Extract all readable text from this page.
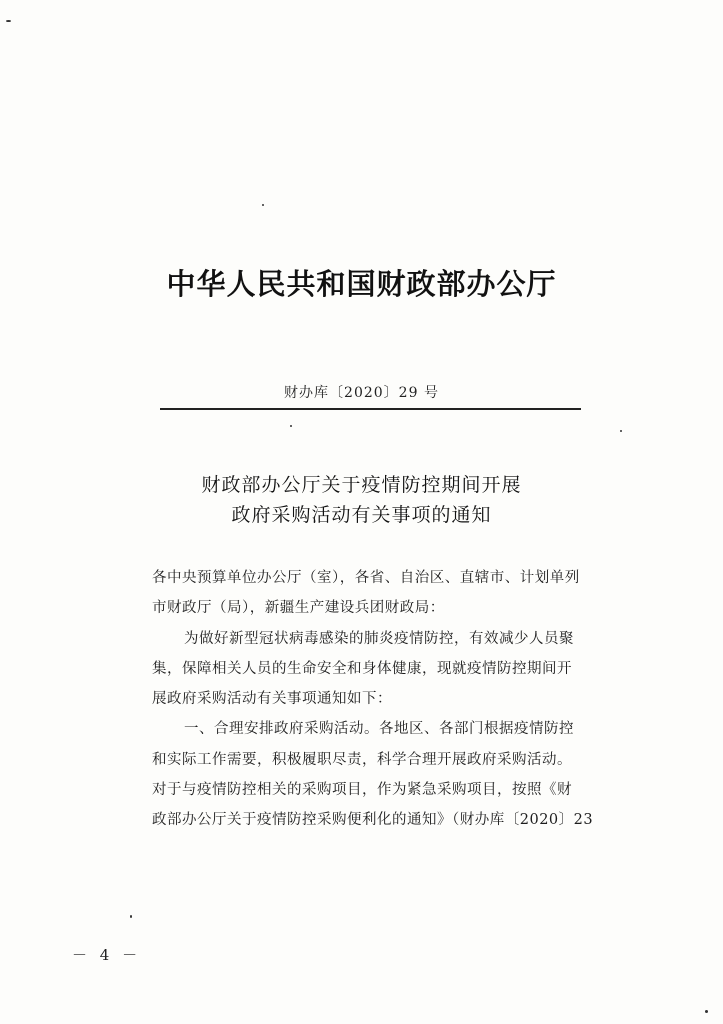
中华人民共和国财政部办公厅
财办库〔2020〕29 号
财政部办公厅关于疫情防控期间开展
政府采购活动有关事项的通知
各中央预算单位办公厅（室），各省、自治区、直辖市、计划单列
市财政厅（局），新疆生产建设兵团财政局：
为做好新型冠状病毒感染的肺炎疫情防控，有效减少人员聚
集，保障相关人员的生命安全和身体健康，现就疫情防控期间开
展政府采购活动有关事项通知如下：
一、合理安排政府采购活动。各地区、各部门根据疫情防控
和实际工作需要，积极履职尽责，科学合理开展政府采购活动。
对于与疫情防控相关的采购项目，作为紧急采购项目，按照《财
政部办公厅关于疫情防控采购便利化的通知》（财办库〔2020〕23
－ 4 －
